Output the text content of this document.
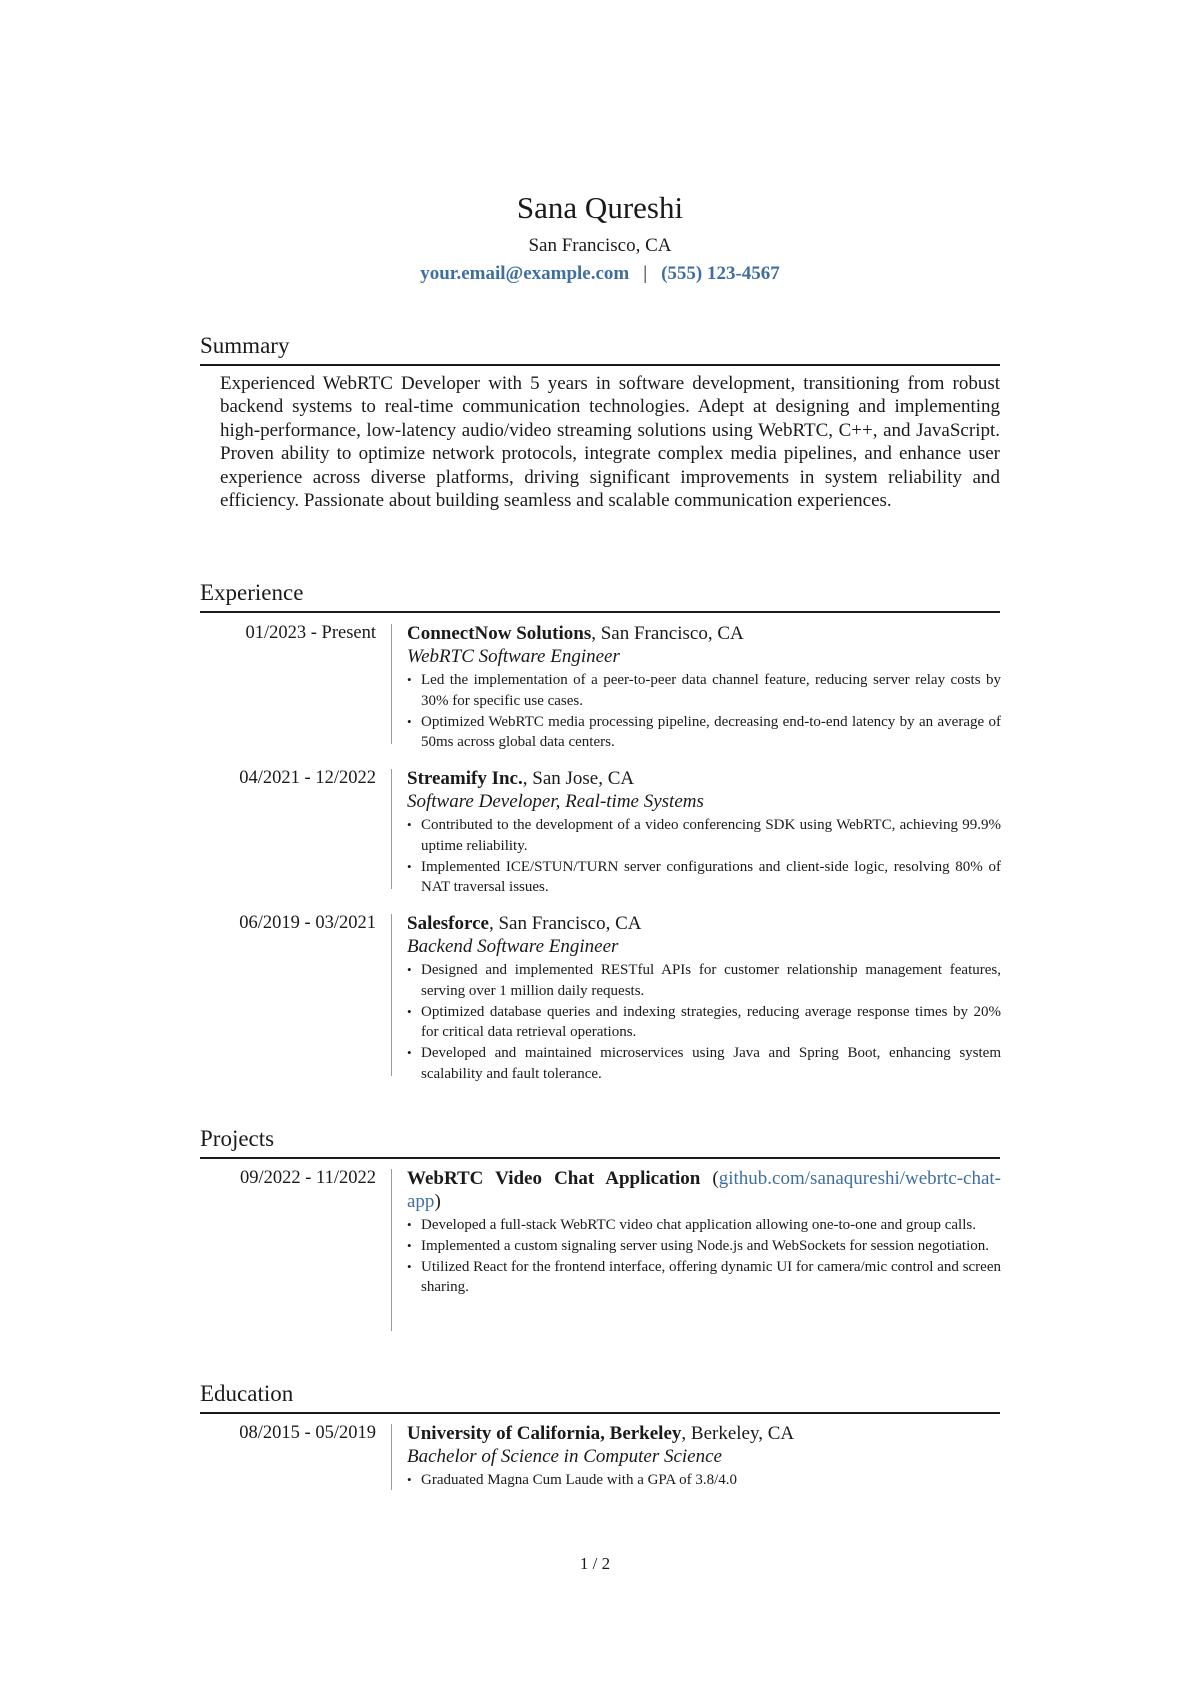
Sana Qureshi
San Francisco, CA
your.email@example.com | (555) 123-4567
Summary
Experienced WebRTC Developer with 5 years in software development, transitioning from robust backend systems to real-time communication technologies. Adept at designing and implementing high-performance, low-latency audio/video streaming solutions using WebRTC, C++, and JavaScript. Proven ability to optimize network protocols, integrate complex media pipelines, and enhance user experience across diverse platforms, driving significant improvements in system reliability and efficiency. Passionate about building seamless and scalable communication experiences.
Experience
01/2023 - Present ConnectNow Solutions, San Francisco, CA
WebRTC Software Engineer
• Led the implementation of a peer-to-peer data channel feature, reducing server relay costs by 30% for specific use cases.
• Optimized WebRTC media processing pipeline, decreasing end-to-end latency by an average of 50ms across global data centers.
04/2021 - 12/2022 Streamify Inc., San Jose, CA
Software Developer, Real-time Systems
• Contributed to the development of a video conferencing SDK using WebRTC, achieving 99.9% uptime reliability.
• Implemented ICE/STUN/TURN server configurations and client-side logic, resolving 80% of NAT traversal issues.
06/2019 - 03/2021 Salesforce, San Francisco, CA
Backend Software Engineer
• Designed and implemented RESTful APIs for customer relationship management features, serving over 1 million daily requests.
• Optimized database queries and indexing strategies, reducing average response times by 20% for critical data retrieval operations.
• Developed and maintained microservices using Java and Spring Boot, enhancing system scalability and fault tolerance.
Projects
09/2022 - 11/2022 WebRTC Video Chat Application (github.com/sanaqureshi/webrtc-chat-app)
• Developed a full-stack WebRTC video chat application allowing one-to-one and group calls.
• Implemented a custom signaling server using Node.js and WebSockets for session negotiation.
• Utilized React for the frontend interface, offering dynamic UI for camera/mic control and screen sharing.
Education
08/2015 - 05/2019 University of California, Berkeley, Berkeley, CA
Bachelor of Science in Computer Science
• Graduated Magna Cum Laude with a GPA of 3.8/4.0
1 / 2
